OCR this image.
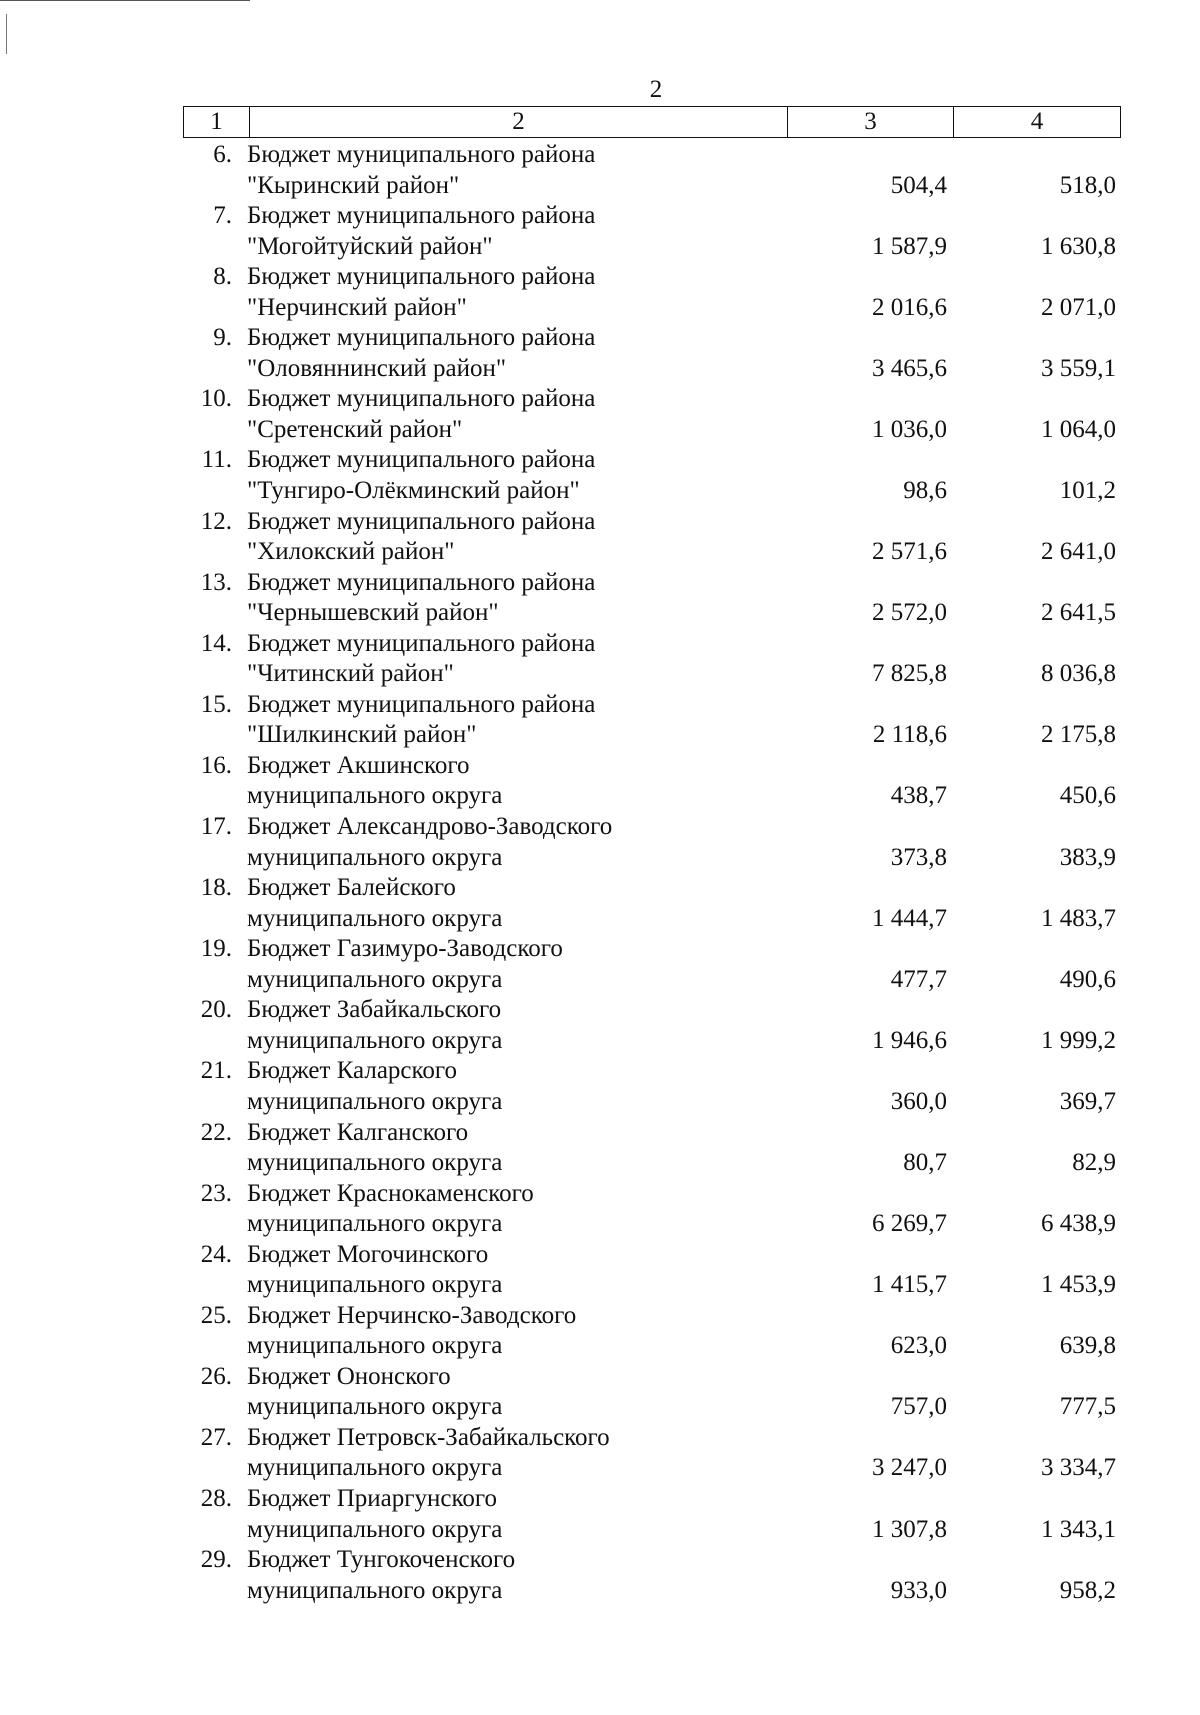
2
1	2	3	4
6. Бюджет муниципального района
"Кыринский район"	504,4	518,0
7. Бюджет муниципального района
"Могойтуйский район"	1 587,9	1 630,8
8. Бюджет муниципального района
"Нерчинский район"	2 016,6	2 071,0
9. Бюджет муниципального района
"Оловяннинский район"	3 465,6	3 559,1
10. Бюджет муниципального района
"Сретенский район"	1 036,0	1 064,0
11. Бюджет муниципального района
"Тунгиро-Олёкминский район"	98,6	101,2
12. Бюджет муниципального района
"Хилокский район"	2 571,6	2 641,0
13. Бюджет муниципального района
"Чернышевский район"	2 572,0	2 641,5
14. Бюджет муниципального района
"Читинский район"	7 825,8	8 036,8
15. Бюджет муниципального района
"Шилкинский район"	2 118,6	2 175,8
16. Бюджет Акшинского
муниципального округа	438,7	450,6
17. Бюджет Александрово-Заводского
муниципального округа	373,8	383,9
18. Бюджет Балейского
муниципального округа	1 444,7	1 483,7
19. Бюджет Газимуро-Заводского
муниципального округа	477,7	490,6
20. Бюджет Забайкальского
муниципального округа	1 946,6	1 999,2
21. Бюджет Каларского
муниципального округа	360,0	369,7
22. Бюджет Калганского
муниципального округа	80,7	82,9
23. Бюджет Краснокаменского
муниципального округа	6 269,7	6 438,9
24. Бюджет Могочинского
муниципального округа	1 415,7	1 453,9
25. Бюджет Нерчинско-Заводского
муниципального округа	623,0	639,8
26. Бюджет Ононского
муниципального округа	757,0	777,5
27. Бюджет Петровск-Забайкальского
муниципального округа	3 247,0	3 334,7
28. Бюджет Приаргунского
муниципального округа	1 307,8	1 343,1
29. Бюджет Тунгокоченского
муниципального округа	933,0	958,2
